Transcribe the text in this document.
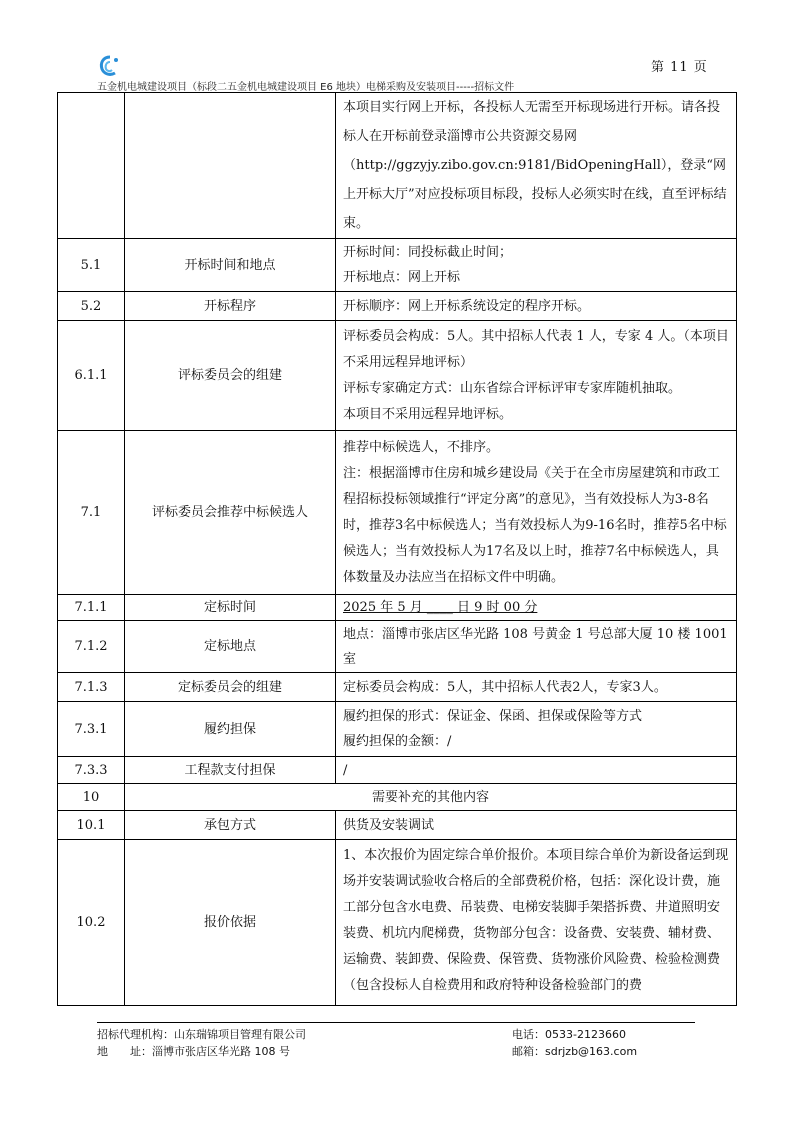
第 11 页
五金机电城建设项目（标段二五金机电城建设项目 E6 地块）电梯采购及安装项目-----招标文件

		本项目实行网上开标，各投标人无需至开标现场进行开标。请各投标人在开标前登录淄博市公共资源交易网（http://ggzyjy.zibo.gov.cn:9181/BidOpeningHall），登录“网上开标大厅”对应投标项目标段，投标人必须实时在线，直至评标结束。

5.1	开标时间和地点	开标时间：同投标截止时间；

开标地点：网上开标

5.2	开标程序	开标顺序：网上开标系统设定的程序开标。

6.1.1	评标委员会的组建	评标委员会构成：5人。其中招标人代表 1 人，专家 4 人。（本项目不采用远程异地评标）

评标专家确定方式：山东省综合评标评审专家库随机抽取。

本项目不采用远程异地评标。

7.1	评标委员会推荐中标候选人	推荐中标候选人，不排序。

注：根据淄博市住房和城乡建设局《关于在全市房屋建筑和市政工程招标投标领域推行“评定分离”的意见》，当有效投标人为3-8名时，推荐3名中标候选人；当有效投标人为9-16名时，推荐5名中标候选人；当有效投标人为17名及以上时，推荐7名中标候选人，具体数量及办法应当在招标文件中明确。

7.1.1	定标时间	2025 年 5 月 ____ 日 9 时 00 分

7.1.2	定标地点	地点：淄博市张店区华光路 108 号黄金 1 号总部大厦 10 楼 1001 室

7.1.3	定标委员会的组建	定标委员会构成：5人，其中招标人代表2人，专家3人。

7.3.1	履约担保	履约担保的形式：保证金、保函、担保或保险等方式

履约担保的金额：/

7.3.3	工程款支付担保	/

10	需要补充的其他内容	
10.1	承包方式	供货及安装调试

10.2	报价依据	1、本次报价为固定综合单价报价。本项目综合单价为新设备运到现场并安装调试验收合格后的全部费税价格，包括：深化设计费，施工部分包含水电费、吊装费、电梯安装脚手架搭拆费、井道照明安装费、机坑内爬梯费，货物部分包含：设备费、安装费、辅材费、运输费、装卸费、保险费、保管费、货物涨价风险费、检验检测费（包含投标人自检费用和政府特种设备检验部门的费

招标代理机构：山东瑞锦项目管理有限公司
地　　址：淄博市张店区华光路 108 号
电话：0533-2123660
邮箱：sdrjzb@163.com
